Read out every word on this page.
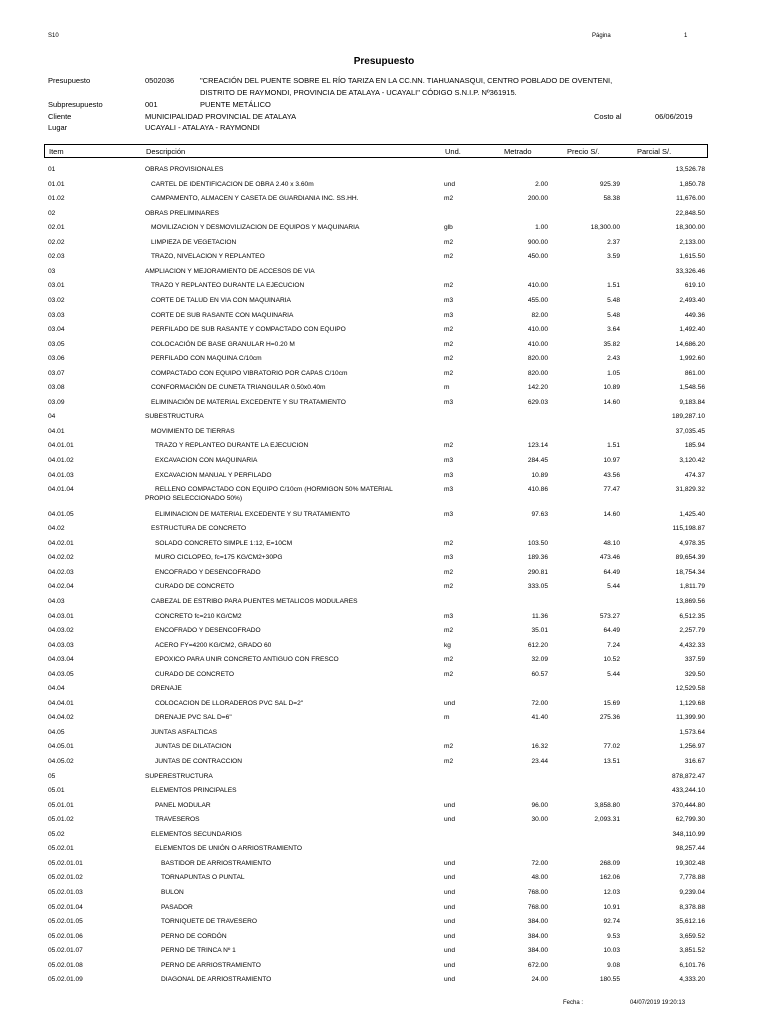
S10	Página	1
Presupuesto
Presupuesto	0502036	"CREACIÓN DEL PUENTE SOBRE EL RÍO TARIZA EN LA CC.NN. TIAHUANASQUI, CENTRO POBLADO DE OVENTENI,
DISTRITO DE RAYMONDI, PROVINCIA DE ATALAYA - UCAYALI" CÓDIGO S.N.I.P. Nº361915.
Subpresupuesto	001	PUENTE METÁLICO
Cliente	MUNICIPALIDAD PROVINCIAL DE ATALAYA	Costo al	06/06/2019
Lugar	UCAYALI - ATALAYA - RAYMONDI
Item	Descripción	Und.	Metrado	Precio S/.	Parcial S/.
01	OBRAS PROVISIONALES	13,526.78
01.01	CARTEL DE IDENTIFICACION DE OBRA 2.40 x 3.60m	und	2.00	925.39	1,850.78
01.02	CAMPAMENTO, ALMACEN Y CASETA DE GUARDIANIA INC. SS.HH.	m2	200.00	58.38	11,676.00
02	OBRAS PRELIMINARES	22,848.50
02.01	MOVILIZACION Y DESMOVILIZACION DE EQUIPOS Y MAQUINARIA	glb	1.00	18,300.00	18,300.00
02.02	LIMPIEZA DE VEGETACION	m2	900.00	2.37	2,133.00
02.03	TRAZO, NIVELACION Y REPLANTEO	m2	450.00	3.59	1,615.50
03	AMPLIACION Y MEJORAMIENTO DE ACCESOS DE VIA	33,326.46
03.01	TRAZO Y REPLANTEO DURANTE LA EJECUCION	m2	410.00	1.51	619.10
03.02	CORTE DE TALUD EN VIA CON MAQUINARIA	m3	455.00	5.48	2,493.40
03.03	CORTE DE SUB RASANTE CON MAQUINARIA	m3	82.00	5.48	449.36
03.04	PERFILADO DE SUB RASANTE Y COMPACTADO CON EQUIPO	m2	410.00	3.64	1,492.40
03.05	COLOCACIÓN DE BASE GRANULAR H=0.20 M	m2	410.00	35.82	14,686.20
03.06	PERFILADO CON MAQUINA C/10cm	m2	820.00	2.43	1,992.60
03.07	COMPACTADO CON EQUIPO VIBRATORIO POR CAPAS C/10cm	m2	820.00	1.05	861.00
03.08	CONFORMACIÓN DE CUNETA TRIANGULAR 0.50x0.40m	m	142.20	10.89	1,548.56
03.09	ELIMINACIÓN DE MATERIAL EXCEDENTE Y SU TRATAMIENTO	m3	629.03	14.60	9,183.84
04	SUBESTRUCTURA	189,287.10
04.01	MOVIMIENTO DE TIERRAS	37,035.45
04.01.01	TRAZO Y REPLANTEO DURANTE LA EJECUCION	m2	123.14	1.51	185.94
04.01.02	EXCAVACION CON MAQUINARIA	m3	284.45	10.97	3,120.42
04.01.03	EXCAVACION MANUAL Y PERFILADO	m3	10.89	43.56	474.37
04.01.04	RELLENO COMPACTADO CON EQUIPO C/10cm (HORMIGON 50% MATERIAL	m3	410.86	77.47	31,829.32
PROPIO SELECCIONADO 50%)
04.01.05	ELIMINACION DE MATERIAL EXCEDENTE Y SU TRATAMIENTO	m3	97.63	14.60	1,425.40
04.02	ESTRUCTURA DE CONCRETO	115,198.87
04.02.01	SOLADO CONCRETO SIMPLE 1:12, E=10CM	m2	103.50	48.10	4,978.35
04.02.02	MURO CICLOPEO, fc=175 KG/CM2+30PG	m3	189.36	473.46	89,654.39
04.02.03	ENCOFRADO Y DESENCOFRADO	m2	290.81	64.49	18,754.34
04.02.04	CURADO DE CONCRETO	m2	333.05	5.44	1,811.79
04.03	CABEZAL DE ESTRIBO PARA PUENTES METALICOS MODULARES	13,869.56
04.03.01	CONCRETO fc=210 KG/CM2	m3	11.36	573.27	6,512.35
04.03.02	ENCOFRADO Y DESENCOFRADO	m2	35.01	64.49	2,257.79
04.03.03	ACERO FY=4200 KG/CM2, GRADO 60	kg	612.20	7.24	4,432.33
04.03.04	EPOXICO PARA UNIR CONCRETO ANTIGUO CON FRESCO	m2	32.09	10.52	337.59
04.03.05	CURADO DE CONCRETO	m2	60.57	5.44	329.50
04.04	DRENAJE	12,529.58
04.04.01	COLOCACION DE LLORADEROS PVC SAL D=2"	und	72.00	15.69	1,129.68
04.04.02	DRENAJE PVC SAL D=6"	m	41.40	275.36	11,399.90
04.05	JUNTAS ASFALTICAS	1,573.64
04.05.01	JUNTAS DE DILATACION	m2	16.32	77.02	1,256.97
04.05.02	JUNTAS DE CONTRACCION	m2	23.44	13.51	316.67
05	SUPERESTRUCTURA	878,872.47
05.01	ELEMENTOS PRINCIPALES	433,244.10
05.01.01	PANEL MODULAR	und	96.00	3,858.80	370,444.80
05.01.02	TRAVESEROS	und	30.00	2,093.31	62,799.30
05.02	ELEMENTOS SECUNDARIOS	348,110.99
05.02.01	ELEMENTOS DE UNIÓN O ARRIOSTRAMIENTO	98,257.44
05.02.01.01	BASTIDOR DE ARRIOSTRAMIENTO	und	72.00	268.09	19,302.48
05.02.01.02	TORNAPUNTAS O PUNTAL	und	48.00	162.06	7,778.88
05.02.01.03	BULON	und	768.00	12.03	9,239.04
05.02.01.04	PASADOR	und	768.00	10.91	8,378.88
05.02.01.05	TORNIQUETE DE TRAVESERO	und	384.00	92.74	35,612.16
05.02.01.06	PERNO DE CORDÓN	und	384.00	9.53	3,659.52
05.02.01.07	PERNO DE TRINCA Nº 1	und	384.00	10.03	3,851.52
05.02.01.08	PERNO DE ARRIOSTRAMIENTO	und	672.00	9.08	6,101.76
05.02.01.09	DIAGONAL DE ARRIOSTRAMIENTO	und	24.00	180.55	4,333.20
Fecha :	04/07/2019 19:20:13
